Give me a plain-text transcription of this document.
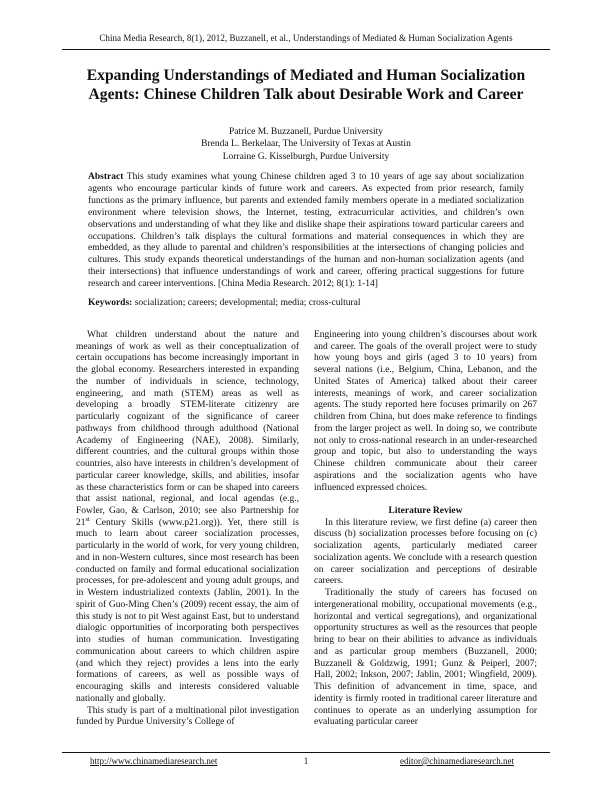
China Media Research, 8(1), 2012, Buzzanell, et al., Understandings of Mediated & Human Socialization Agents
Expanding Understandings of Mediated and Human Socialization
Agents: Chinese Children Talk about Desirable Work and Career
Patrice M. Buzzanell, Purdue University
Brenda L. Berkelaar, The University of Texas at Austin
Lorraine G. Kisselburgh, Purdue University

Abstract This study examines what young Chinese children aged 3 to 10 years of age say about socialization agents who encourage particular kinds of future work and careers. As expected from prior research, family functions as the primary influence, but parents and extended family members operate in a mediated socialization environment where television shows, the Internet, testing, extracurricular activities, and children’s own observations and understanding of what they like and dislike shape their aspirations toward particular careers and occupations. Children’s talk displays the cultural formations and material consequences in which they are embedded, as they allude to parental and children’s responsibilities at the intersections of changing policies and cultures. This study expands theoretical understandings of the human and non-human socialization agents (and their intersections) that influence understandings of work and career, offering practical suggestions for future research and career interventions. [China Media Research. 2012; 8(1): 1-14]

Keywords: socialization; careers; developmental; media; cross-cultural

What children understand about the nature and meanings of work as well as their conceptualization of certain occupations has become increasingly important in the global economy. Researchers interested in expanding the number of individuals in science, technology, engineering, and math (STEM) areas as well as developing a broadly STEM-literate citizenry are particularly cognizant of the significance of career pathways from childhood through adulthood (National Academy of Engineering (NAE), 2008). Similarly, different countries, and the cultural groups within those countries, also have interests in children’s development of particular career knowledge, skills, and abilities, insofar as these characteristics form or can be shaped into careers that assist national, regional, and local agendas (e.g., Fowler, Gao, & Carlson, 2010; see also Partnership for 21st Century Skills (www.p21.org)). Yet, there still is much to learn about career socialization processes, particularly in the world of work, for very young children, and in non-Western cultures, since most research has been conducted on family and formal educational socialization processes, for pre-adolescent and young adult groups, and in Western industrialized contexts (Jablin, 2001). In the spirit of Guo-Ming Chen’s (2009) recent essay, the aim of this study is not to pit West against East, but to understand dialogic opportunities of incorporating both perspectives into studies of human communication. Investigating communication about careers to which children aspire (and which they reject) provides a lens into the early formations of careers, as well as possible ways of encouraging skills and interests considered valuable nationally and globally.

This study is part of a multinational pilot investigation funded by Purdue University’s College of

Engineering into young children’s discourses about work and career. The goals of the overall project were to study how young boys and girls (aged 3 to 10 years) from several nations (i.e., Belgium, China, Lebanon, and the United States of America) talked about their career interests, meanings of work, and career socialization agents. The study reported here focuses primarily on 267 children from China, but does make reference to findings from the larger project as well. In doing so, we contribute not only to cross-national research in an under-researched group and topic, but also to understanding the ways Chinese children communicate about their career aspirations and the socialization agents who have influenced expressed choices.

Literature Review

In this literature review, we first define (a) career then discuss (b) socialization processes before focusing on (c) socialization agents, particularly mediated career socialization agents. We conclude with a research question on career socialization and perceptions of desirable careers.

Traditionally the study of careers has focused on intergenerational mobility, occupational movements (e.g., horizontal and vertical segregations), and organizational opportunity structures as well as the resources that people bring to bear on their abilities to advance as individuals and as particular group members (Buzzanell, 2000; Buzzanell & Goldzwig, 1991; Gunz & Peiperl, 2007; Hall, 2002; Inkson, 2007; Jablin, 2001; Wingfield, 2009). This definition of advancement in time, space, and identity is firmly rooted in traditional career literature and continues to operate as an underlying assumption for evaluating particular career

http://www.chinamediaresearch.net	1	editor@chinamediaresearch.net
